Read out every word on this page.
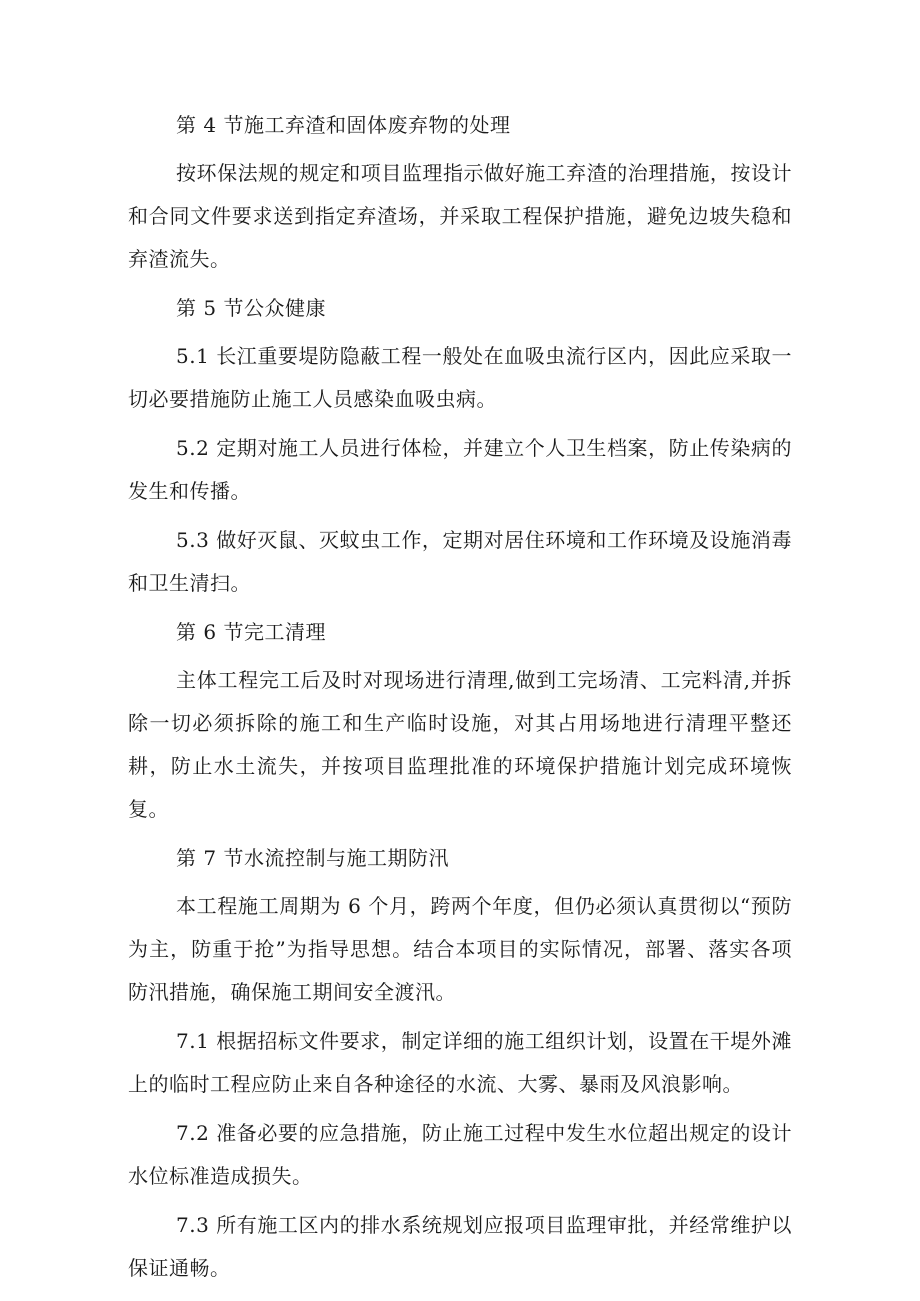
第 4 节施工弃渣和固体废弃物的处理

按环保法规的规定和项目监理指示做好施工弃渣的治理措施，按设计和合同文件要求送到指定弃渣场，并采取工程保护措施，避免边坡失稳和弃渣流失。

第 5 节公众健康

5.1 长江重要堤防隐蔽工程一般处在血吸虫流行区内，因此应采取一切必要措施防止施工人员感染血吸虫病。

5.2 定期对施工人员进行体检，并建立个人卫生档案，防止传染病的发生和传播。

5.3 做好灭鼠、灭蚊虫工作，定期对居住环境和工作环境及设施消毒和卫生清扫。

第 6 节完工清理

主体工程完工后及时对现场进行清理,做到工完场清、工完料清,并拆除一切必须拆除的施工和生产临时设施，对其占用场地进行清理平整还耕，防止水土流失，并按项目监理批准的环境保护措施计划完成环境恢复。

第 7 节水流控制与施工期防汛

本工程施工周期为 6 个月，跨两个年度，但仍必须认真贯彻以“预防为主，防重于抢”为指导思想。结合本项目的实际情况，部署、落实各项防汛措施，确保施工期间安全渡汛。

7.1 根据招标文件要求，制定详细的施工组织计划，设置在干堤外滩上的临时工程应防止来自各种途径的水流、大雾、暴雨及风浪影响。

7.2 准备必要的应急措施，防止施工过程中发生水位超出规定的设计水位标准造成损失。

7.3 所有施工区内的排水系统规划应报项目监理审批，并经常维护以保证通畅。
